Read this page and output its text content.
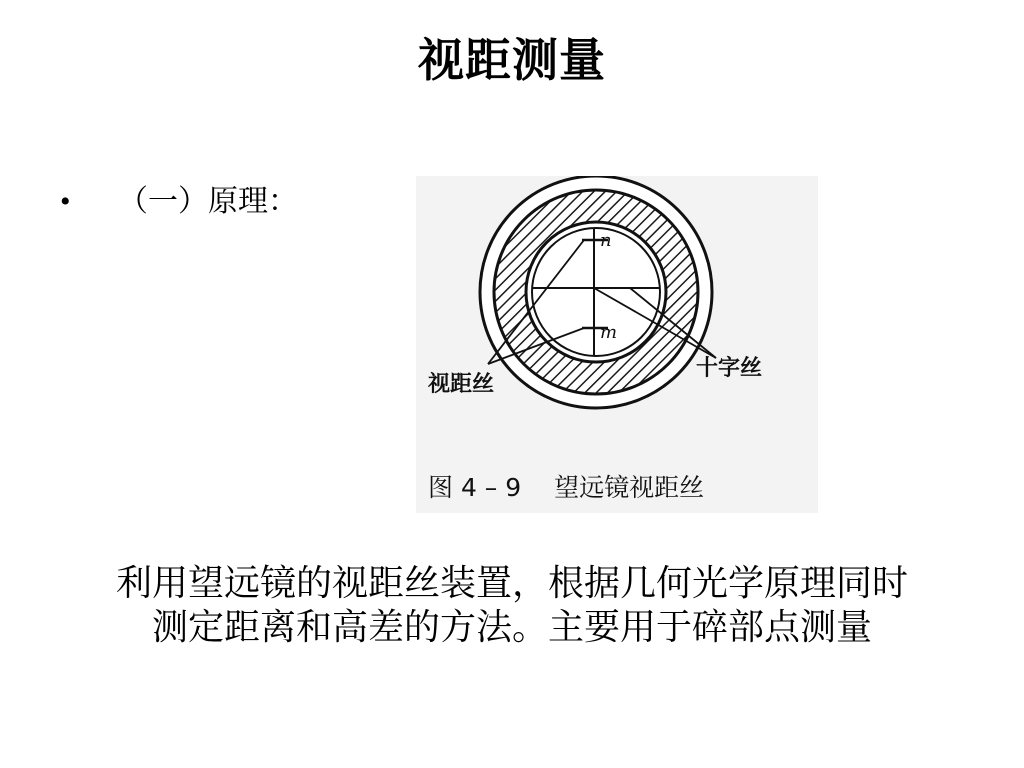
视距测量
•	（一）原理：
n
m
视距丝
十字丝
图 4 – 9　 望远镜视距丝
利用望远镜的视距丝装置，根据几何光学原理同时
测定距离和高差的方法。主要用于碎部点测量
